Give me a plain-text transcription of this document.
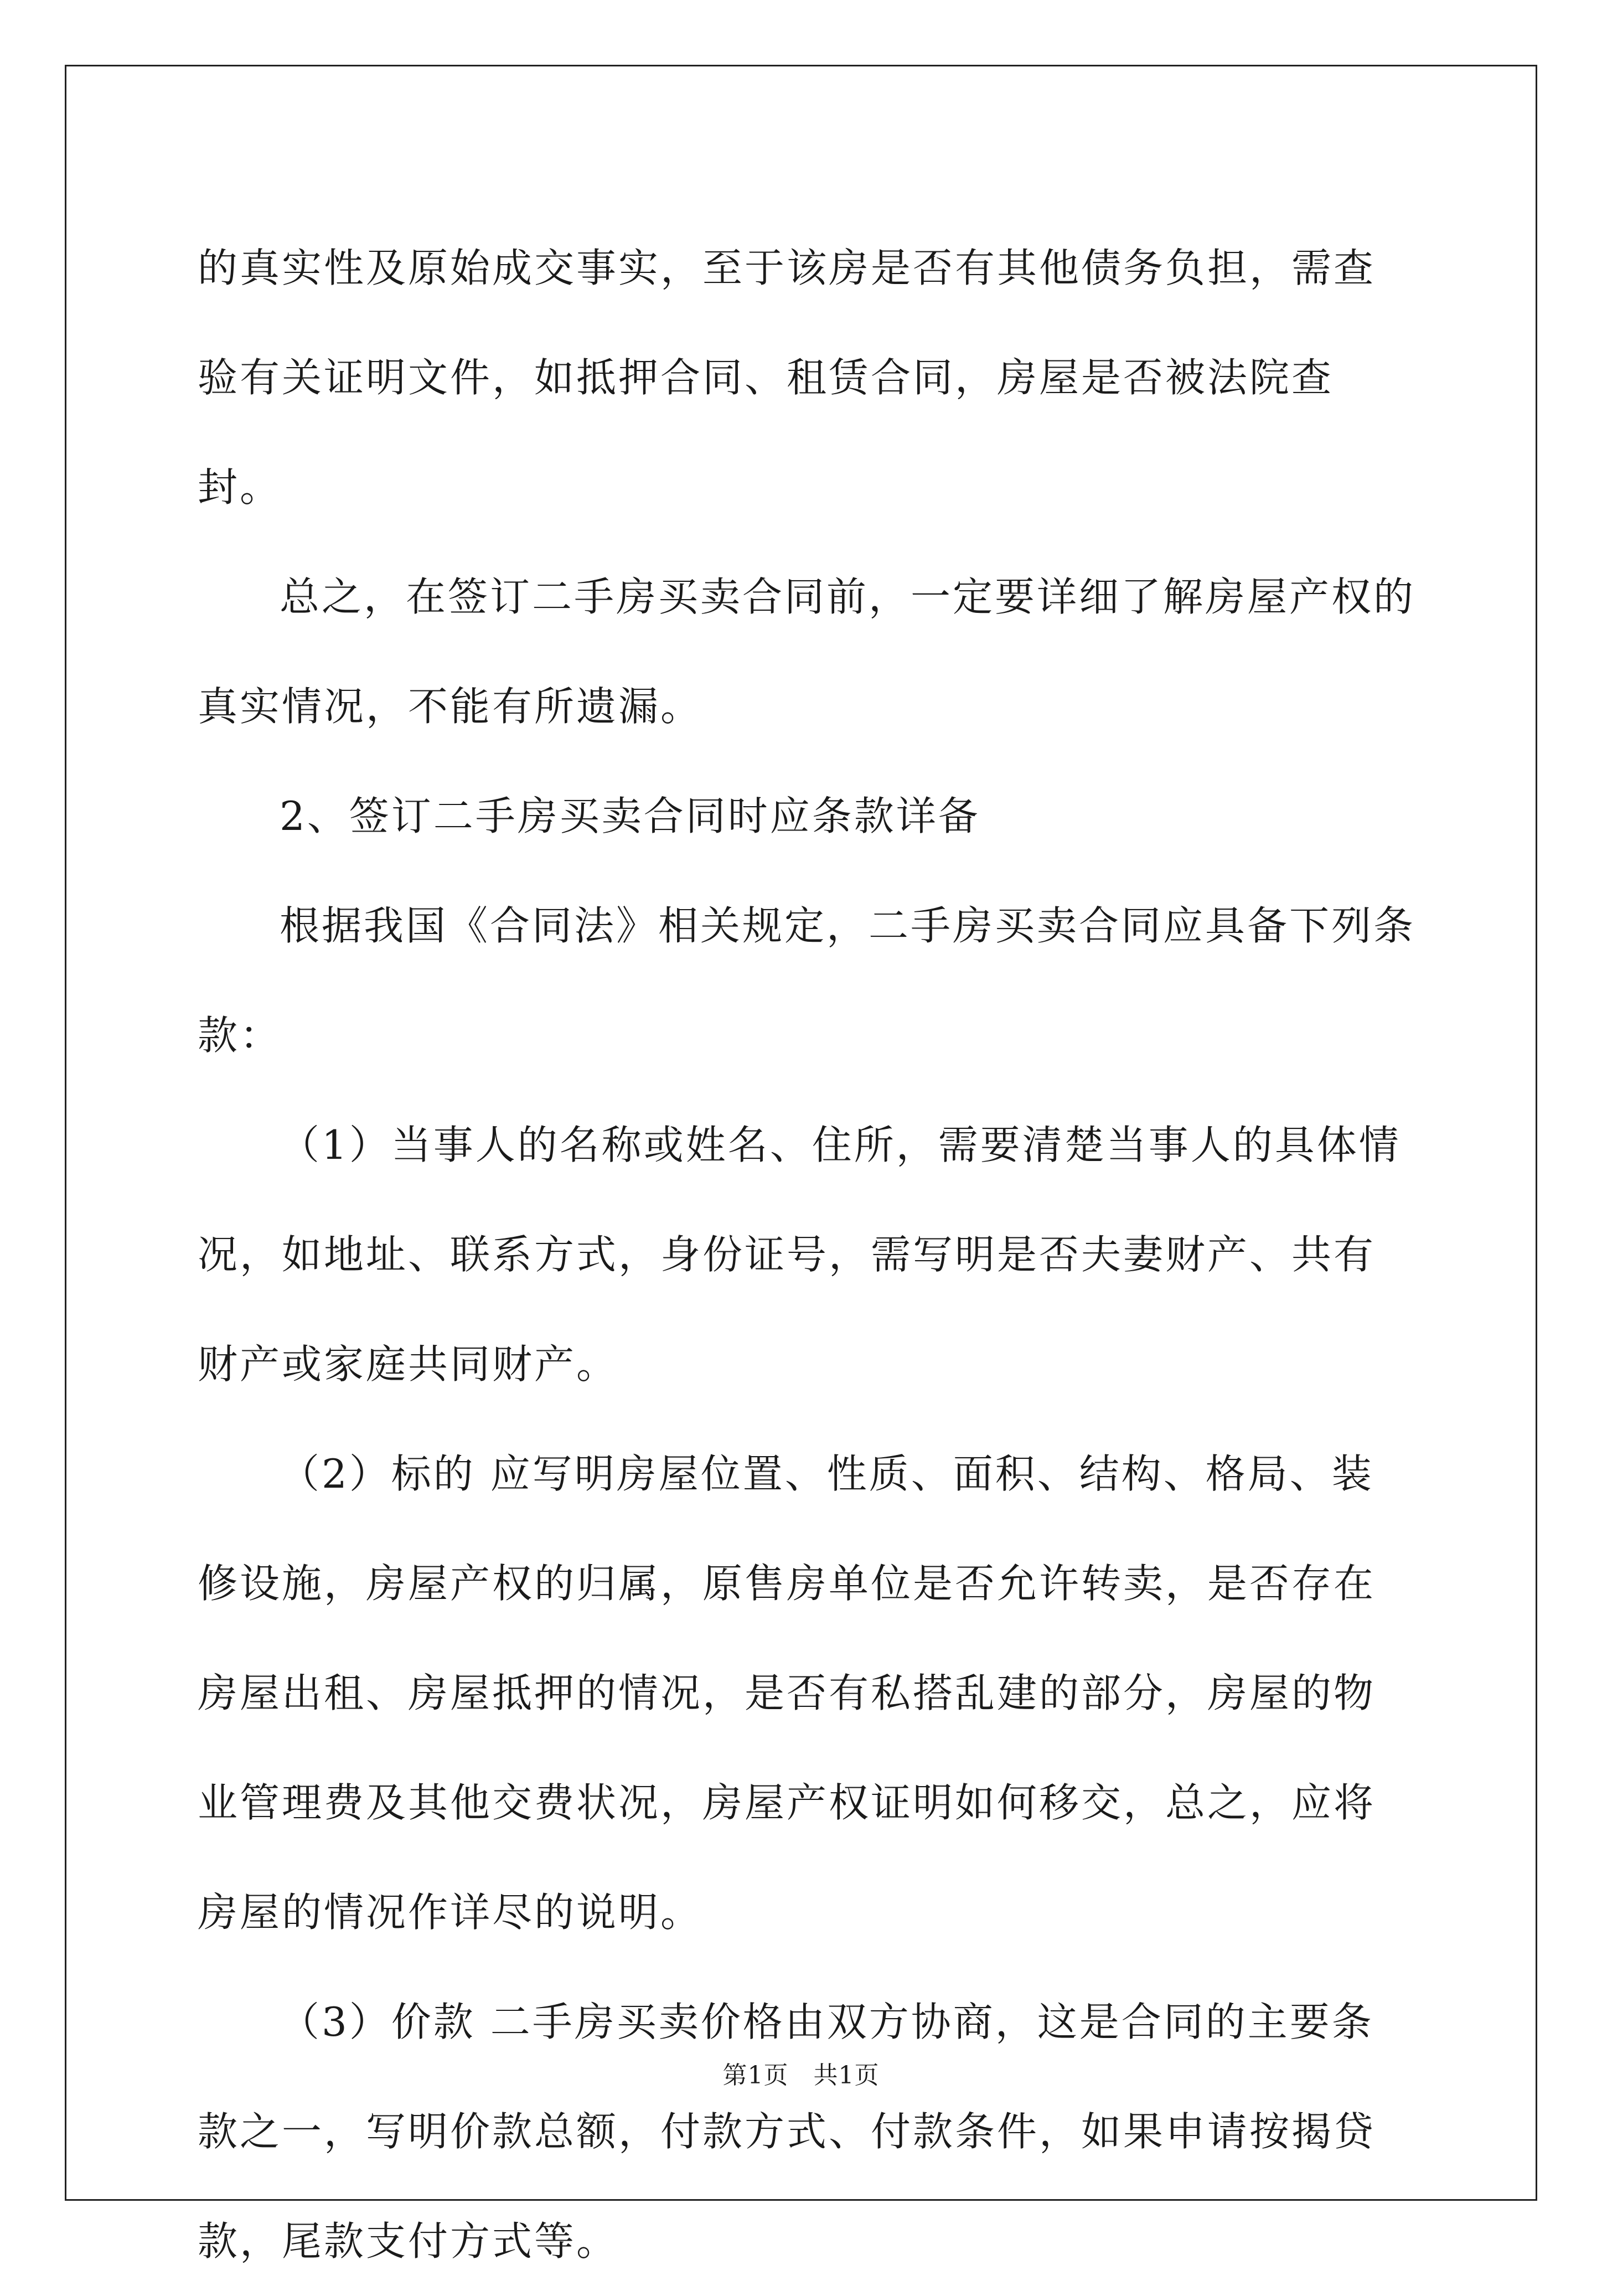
的真实性及原始成交事实，至于该房是否有其他债务负担，需查验有关证明文件，如抵押合同、租赁合同，房屋是否被法院查封。

总之，在签订二手房买卖合同前，一定要详细了解房屋产权的真实情况，不能有所遗漏。

2、签订二手房买卖合同时应条款详备

根据我国《合同法》相关规定，二手房买卖合同应具备下列条款：

（1）当事人的名称或姓名、住所，需要清楚当事人的具体情况，如地址、联系方式，身份证号，需写明是否夫妻财产、共有财产或家庭共同财产。

（2）标的 应写明房屋位置、性质、面积、结构、格局、装修设施，房屋产权的归属，原售房单位是否允许转卖，是否存在房屋出租、房屋抵押的情况，是否有私搭乱建的部分，房屋的物业管理费及其他交费状况，房屋产权证明如何移交，总之，应将房屋的情况作详尽的说明。

（3）价款 二手房买卖价格由双方协商，这是合同的主要条款之一，写明价款总额，付款方式、付款条件，如果申请按揭贷款，尾款支付方式等。

第1页　共1页
